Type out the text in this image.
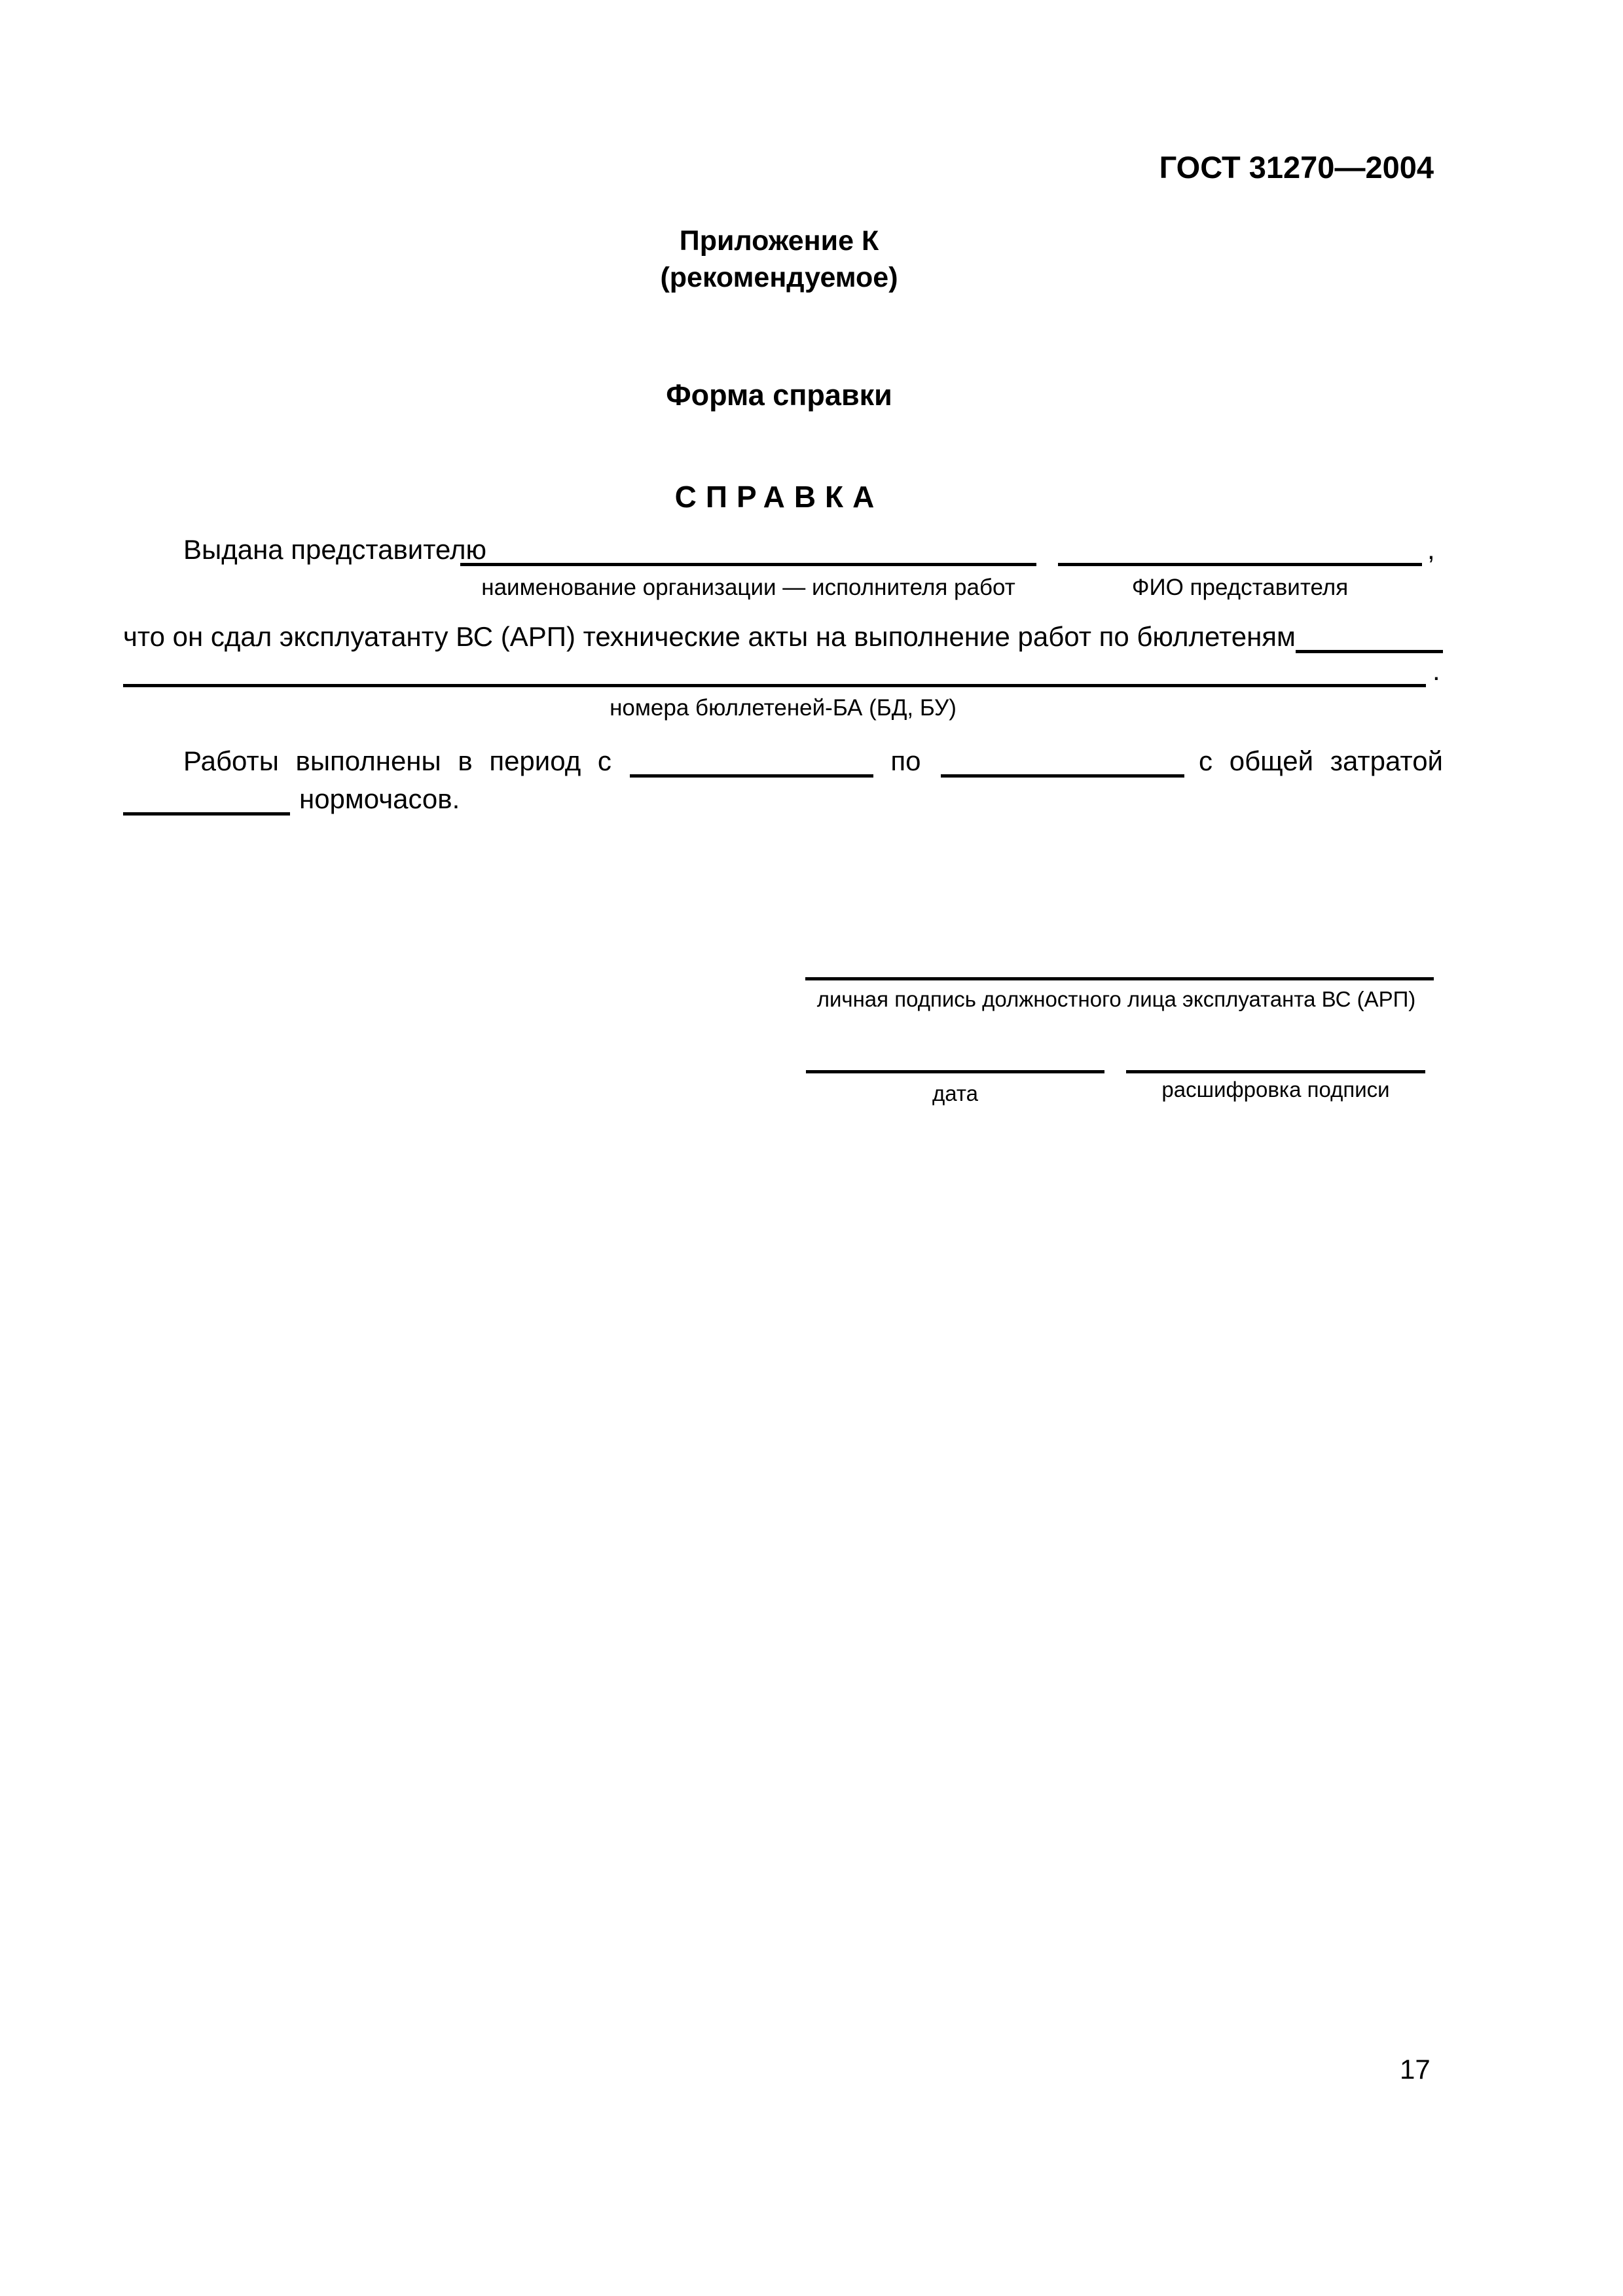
ГОСТ 31270—2004
Приложение К
(рекомендуемое)
Форма справки
СПРАВКА
Выдана представителю	,
наименование организации — исполнителя работ	ФИО представителя
что он сдал эксплуатанту ВС (АРП) технические акты на выполнение работ по бюллетеням
.
номера бюллетеней-БА (БД, БУ)
Работы выполнены в период с	по	с общей затратой
нормочасов.
личная подпись должностного лица эксплуатанта ВС (АРП)
дата	расшифровка подписи
17
